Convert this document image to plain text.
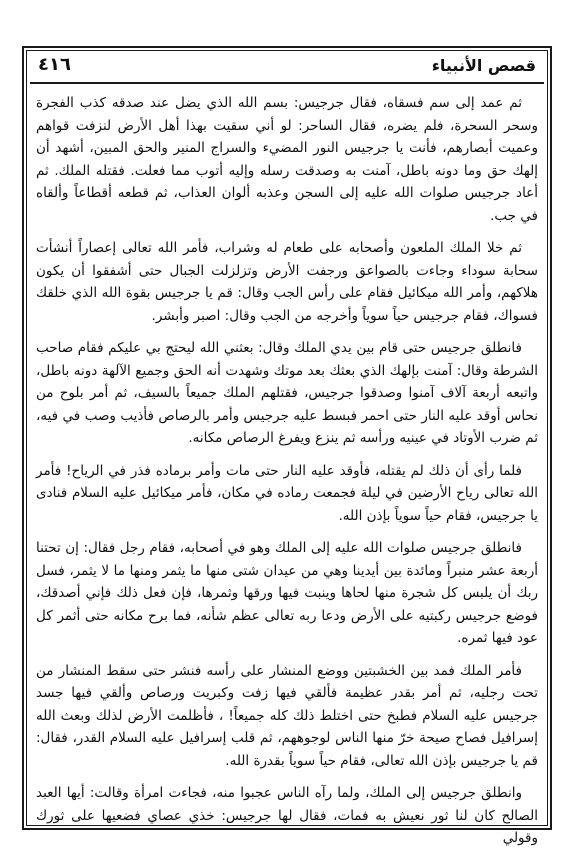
قصص الأنبياء
٤١٦

ثم عمد إلى سم فسقاه، فقال جرجيس: بسم الله الذي يضل عند صدقه كذب الفجرة وسحر السحرة، فلم يضره، فقال الساحر: لو أني سقيت بهذا أهل الأرض لنزفت قواهم وعميت أبصارهم، فأنت يا جرجيس النور المضيء والسراج المنير والحق المبين، أشهد أن إلهك حق وما دونه باطل، آمنت به وصدقت رسله وإليه أتوب مما فعلت. فقتله الملك. ثم أعاد جرجيس صلوات الله عليه إلى السجن وعذبه ألوان العذاب، ثم قطعه أقطاعاً وألقاه في جب.

ثم خلا الملك الملعون وأصحابه على طعام له وشراب، فأمر الله تعالى إعصاراً أنشأت سحابة سوداء وجاءت بالصواعق ورجفت الأرض وتزلزلت الجبال حتى أشفقوا أن يكون هلاكهم، وأمر الله ميكائيل فقام على رأس الجب وقال: قم يا جرجيس بقوة الله الذي خلقك فسواك، فقام جرجيس حياً سوياً وأخرجه من الجب وقال: اصبر وأبشر.

فانطلق جرجيس حتى قام بين يدي الملك وقال: بعثني الله ليحتج بي عليكم فقام صاحب الشرطة وقال: آمنت بإلهك الذي بعثك بعد موتك وشهدت أنه الحق وجميع الآلهة دونه باطل، واتبعه أربعة آلاف آمنوا وصدقوا جرجيس، فقتلهم الملك جميعاً بالسيف، ثم أمر بلوح من نحاس أوقد عليه النار حتى احمر فبسط عليه جرجيس وأمر بالرصاص فأذيب وصب في فيه، ثم ضرب الأوتاد في عينيه ورأسه ثم ينزع ويفرغ الرصاص مكانه.

فلما رأى أن ذلك لم يقتله، فأوقد عليه النار حتى مات وأمر برماده فذر في الرياح! فأمر الله تعالى رياح الأرضين في ليلة فجمعت رماده في مكان، فأمر ميكائيل عليه السلام فنادى يا جرجيس، فقام حياً سوياً بإذن الله.

فانطلق جرجيس صلوات الله عليه إلى الملك وهو في أصحابه، فقام رجل فقال: إن تحتنا أربعة عشر منبراً ومائدة بين أيدينا وهي من عيدان شتى منها ما يثمر ومنها ما لا يثمر، فسل ربك أن يلبس كل شجرة منها لحاها وينبت فيها ورقها وثمرها، فإن فعل ذلك فإني أصدقك، فوضع جرجيس ركبتيه على الأرض ودعا ربه تعالى عظم شأنه، فما برح مكانه حتى أثمر كل عود فيها ثمره.

فأمر الملك فمد بين الخشبتين ووضع المنشار على رأسه فنشر حتى سقط المنشار من تحت رجليه، ثم أمر بقدر عظيمة فألقي فيها زفت وكبريت ورصاص وألقي فيها جسد جرجيس عليه السلام فطبخ حتى اختلط ذلك كله جميعاً! ، فأظلمت الأرض لذلك وبعث الله إسرافيل فصاح صيحة خرّ منها الناس لوجوههم، ثم قلب إسرافيل عليه السلام القدر، فقال: قم يا جرجيس بإذن الله تعالى، فقام حياً سوياً بقدرة الله.

وانطلق جرجيس إلى الملك، ولما رآه الناس عجبوا منه، فجاءت امرأة وقالت: أيها العبد الصالح كان لنا ثور نعيش به فمات، فقال لها جرجيس: خذي عصاي فضعيها على ثورك وقولي
